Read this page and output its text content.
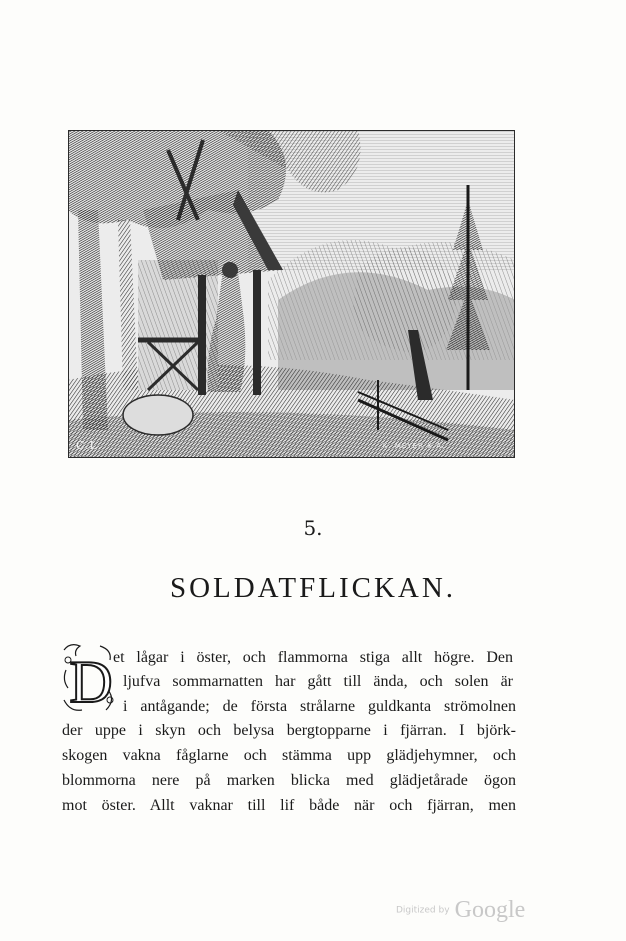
C.L.	K. MEYER X.A.
5.
SOLDATFLICKAN.
D et lågar i öster, och flammorna stiga allt högre. Den
ljufva sommarnatten har gått till ända, och solen är
i antågande; de första strålarne guldkanta strömolnen
der uppe i skyn och belysa bergtopparne i fjärran. I björk-
skogen vakna fåglarne och stämma upp glädjehymner, och
blommorna nere på marken blicka med glädjetårade ögon
mot öster. Allt vaknar till lif både när och fjärran, men
Digitized by Google
